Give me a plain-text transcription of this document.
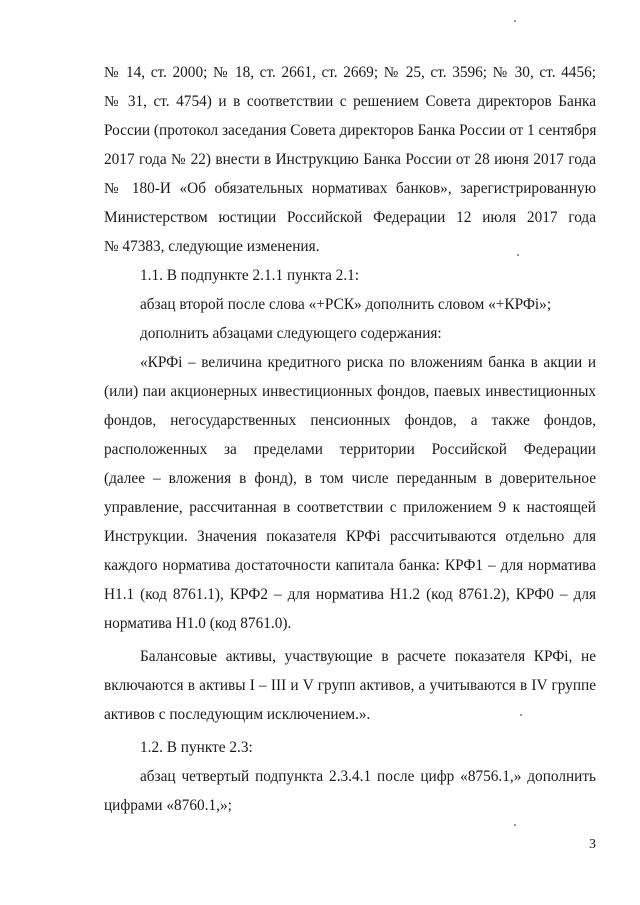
№ 14, ст. 2000; № 18, ст. 2661, ст. 2669; № 25, ст. 3596; № 30, ст. 4456;
№ 31, ст. 4754) и в соответствии с решением Совета директоров Банка
России (протокол заседания Совета директоров Банка России от 1 сентября
2017 года № 22) внести в Инструкцию Банка России от 28 июня 2017 года
№ 180-И «Об обязательных нормативах банков», зарегистрированную
Министерством юстиции Российской Федерации 12 июля 2017 года
№ 47383, следующие изменения.
1.1. В подпункте 2.1.1 пункта 2.1:
абзац второй после слова «+РСК» дополнить словом «+КРФі»;
дополнить абзацами следующего содержания:
«КРФі – величина кредитного риска по вложениям банка в акции и
(или) паи акционерных инвестиционных фондов, паевых инвестиционных
фондов, негосударственных пенсионных фондов, а также фондов,
расположенных за пределами территории Российской Федерации
(далее – вложения в фонд), в том числе переданным в доверительное
управление, рассчитанная в соответствии с приложением 9 к настоящей
Инструкции. Значения показателя КРФі рассчитываются отдельно для
каждого норматива достаточности капитала банка: КРФ1 – для норматива
Н1.1 (код 8761.1), КРФ2 – для норматива Н1.2 (код 8761.2), КРФ0 – для
норматива Н1.0 (код 8761.0).
Балансовые активы, участвующие в расчете показателя КРФі, не
включаются в активы I – III и V групп активов, а учитываются в IV группе
активов с последующим исключением.».
1.2. В пункте 2.3:
абзац четвертый подпункта 2.3.4.1 после цифр «8756.1,» дополнить
цифрами «8760.1,»;
3
